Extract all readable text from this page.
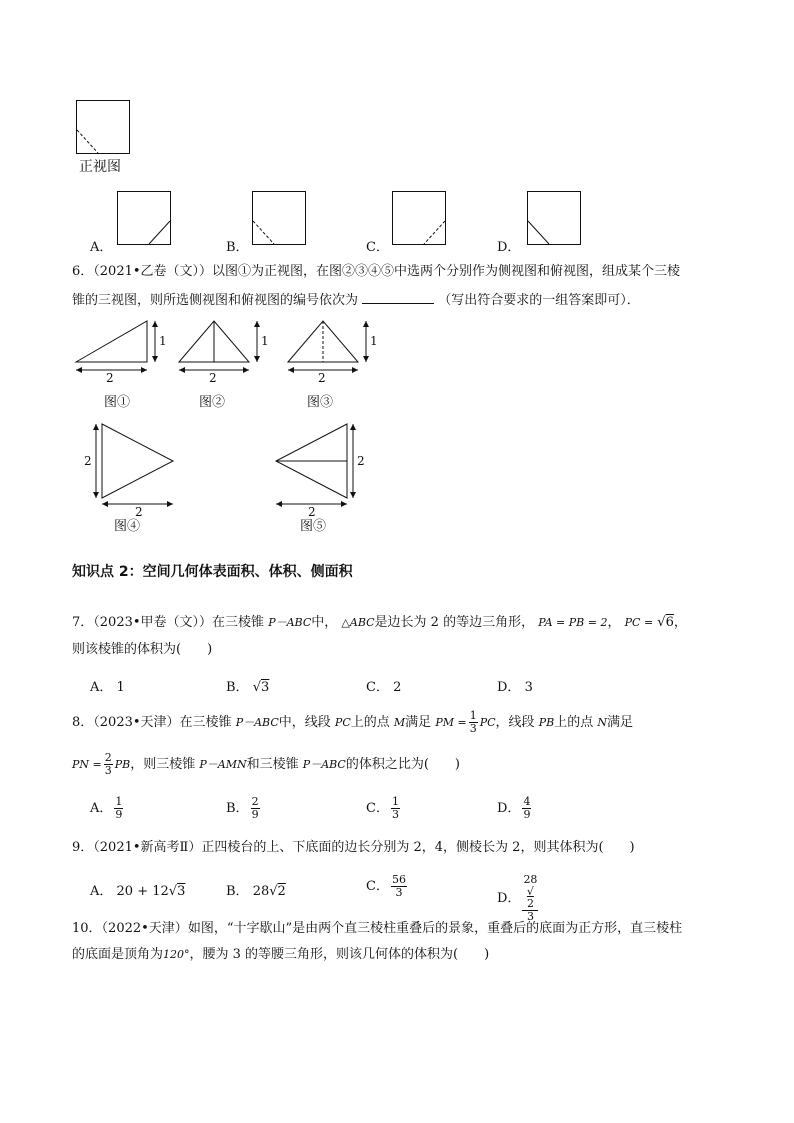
正视图
A．	B．	C．	D．
6．（2021•乙卷（文））以图①为正视图，在图②③④⑤中选两个分别作为侧视图和俯视图，组成某个三棱
锥的三视图，则所选侧视图和俯视图的编号依次为	（写出符合要求的一组答案即可）．
1
2
图①
1
2
图②
1
2
图③
2
2
图④
2
2
图⑤
知识点 2：空间几何体表面积、体积、侧面积
7．（2023•甲卷（文））在三棱锥 P－ABC中， △ABC是边长为 2 的等边三角形， PA = PB = 2， PC = √6，
则该棱锥的体积为(　　)
A． 1	B． √3	C． 2	D． 3
8．（2023•天津）在三棱锥 P－ABC中，线段 PC上的点 M满足 PM = $\frac{1}{3}$ PC，线段 PB上的点 N满足
PN = $\frac{2}{3}$ PB，则三棱锥 P－AMN和三棱锥 P－ABC的体积之比为(　　)
A． $\frac{1}{9}$	B． $\frac{2}{9}$	C． $\frac{1}{3}$	D． $\frac{4}{9}$
9．（2021•新高考Ⅱ）正四棱台的上、下底面的边长分别为 2，4，侧棱长为 2，则其体积为(　　)
A． 20 + 12√3	B． 28√2	C． $\frac{56}{3}$	D． 28
√
2
3
10．（2022•天津）如图，“十字歇山”是由两个直三棱柱重叠后的景象，重叠后的底面为正方形，直三棱柱
的底面是顶角为120°，腰为 3 的等腰三角形，则该几何体的体积为(　　)
